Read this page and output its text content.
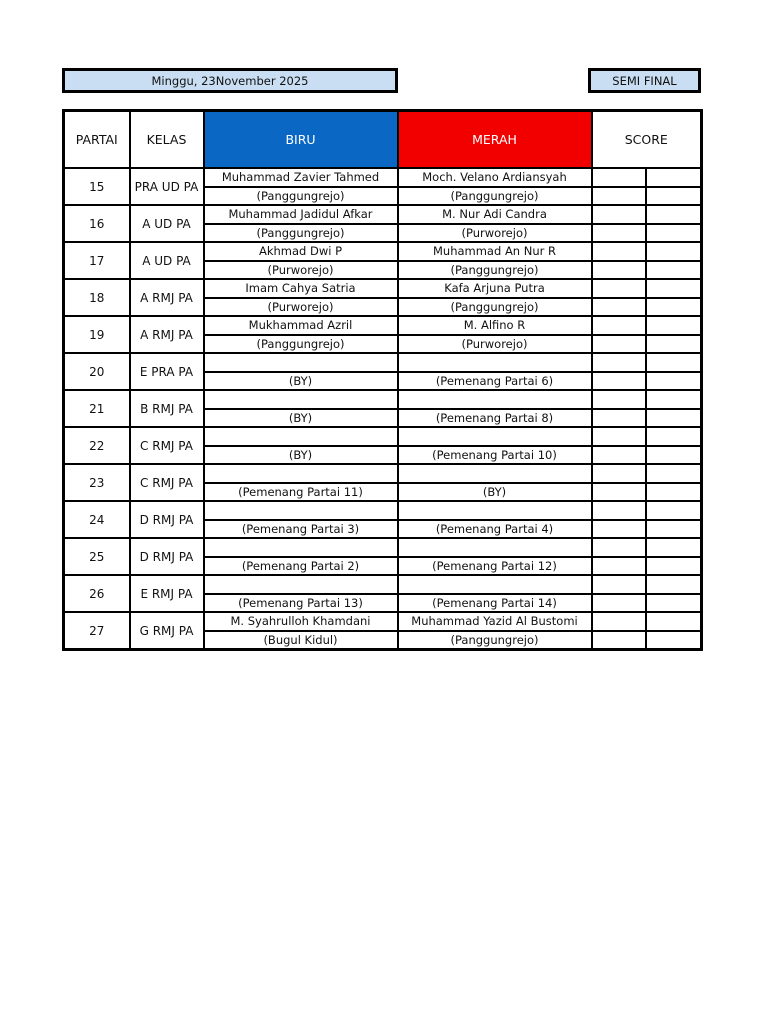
Minggu, 23November 2025	SEMI FINAL
PARTAI	KELAS	BIRU	MERAH	SCORE	
15	PRA UD PA	Muhammad Zavier Tahmed	Moch. Velano Ardiansyah		
		(Panggungrejo)	(Panggungrejo)		
16	A UD PA	Muhammad Jadidul Afkar	M. Nur Adi Candra		
		(Panggungrejo)	(Purworejo)		
17	A UD PA	Akhmad Dwi P	Muhammad An Nur R		
		(Purworejo)	(Panggungrejo)		
18	A RMJ PA	Imam Cahya Satria	Kafa Arjuna Putra		
		(Purworejo)	(Panggungrejo)		
19	A RMJ PA	Mukhammad Azril	M. Alfino R		
		(Panggungrejo)	(Purworejo)		
20	E PRA PA				
		(BY)	(Pemenang Partai 6)		
21	B RMJ PA				
		(BY)	(Pemenang Partai 8)		
22	C RMJ PA				
		(BY)	(Pemenang Partai 10)		
23	C RMJ PA				
		(Pemenang Partai 11)	(BY)		
24	D RMJ PA				
		(Pemenang Partai 3)	(Pemenang Partai 4)		
25	D RMJ PA				
		(Pemenang Partai 2)	(Pemenang Partai 12)		
26	E RMJ PA				
		(Pemenang Partai 13)	(Pemenang Partai 14)		
27	G RMJ PA	M. Syahrulloh Khamdani	Muhammad Yazid Al Bustomi		
		(Bugul Kidul)	(Panggungrejo)		
